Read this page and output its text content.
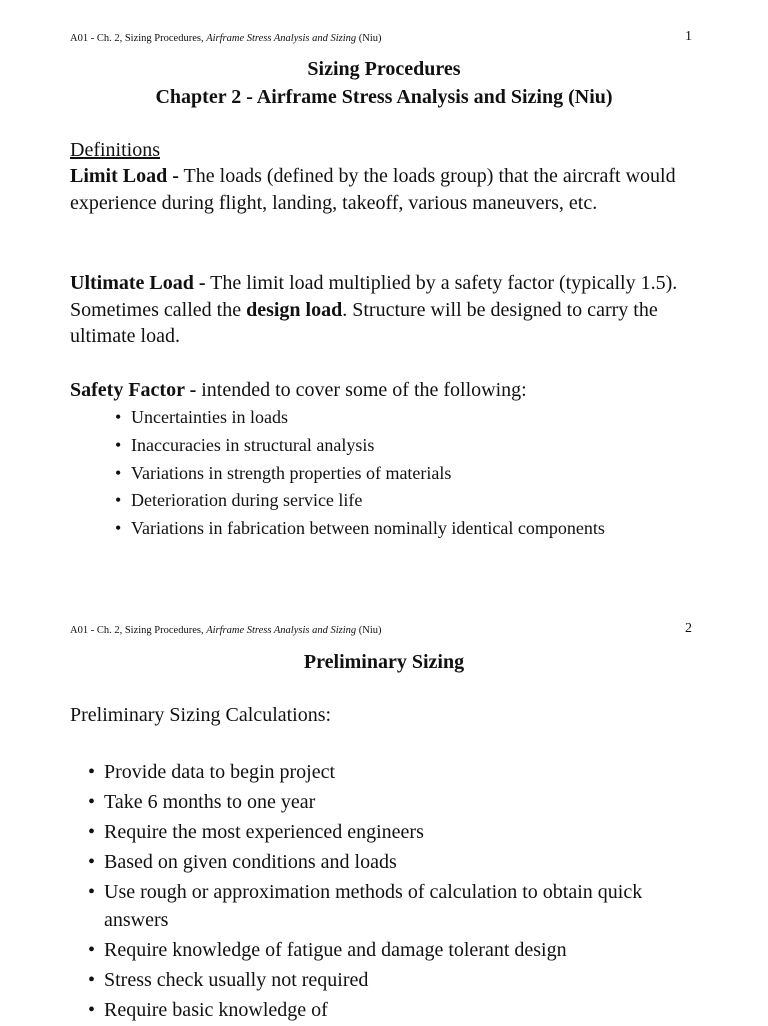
A01 - Ch. 2, Sizing Procedures, Airframe Stress Analysis and Sizing (Niu)	1
Sizing Procedures
Chapter 2 - Airframe Stress Analysis and Sizing (Niu)
Definitions
Limit Load - The loads (defined by the loads group) that the aircraft would experience during flight, landing, takeoff, various maneuvers, etc.
Ultimate Load - The limit load multiplied by a safety factor (typically 1.5). Sometimes called the design load. Structure will be designed to carry the ultimate load.
Safety Factor - intended to cover some of the following:
• Uncertainties in loads
• Inaccuracies in structural analysis
• Variations in strength properties of materials
• Deterioration during service life
• Variations in fabrication between nominally identical components
A01 - Ch. 2, Sizing Procedures, Airframe Stress Analysis and Sizing (Niu)	2
Preliminary Sizing
Preliminary Sizing Calculations:
• Provide data to begin project
• Take 6 months to one year
• Require the most experienced engineers
• Based on given conditions and loads
• Use rough or approximation methods of calculation to obtain quick answers
• Require knowledge of fatigue and damage tolerant design
• Stress check usually not required
• Require basic knowledge of
